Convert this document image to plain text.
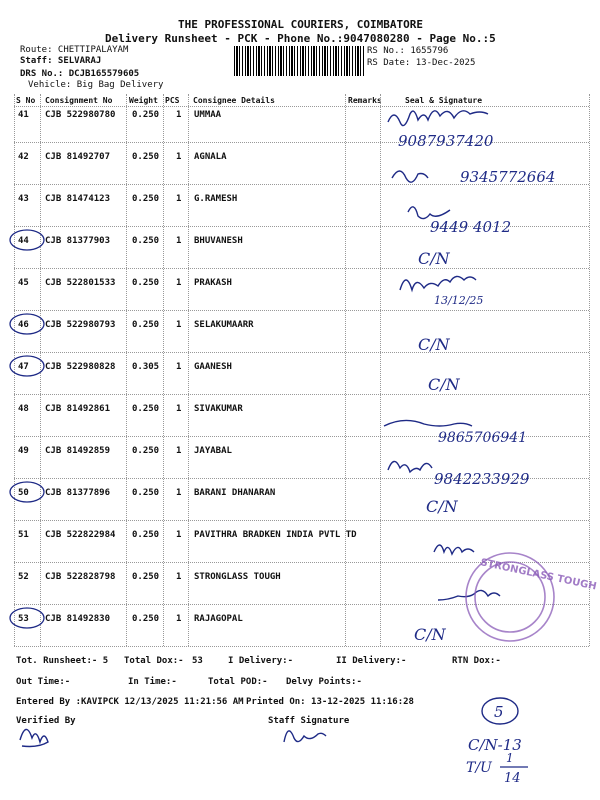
THE PROFESSIONAL COURIERS, COIMBATORE
Delivery Runsheet - PCK - Phone No.:9047080280 - Page No.:5
Route: CHETTIPALAYAM
Staff: SELVARAJ
DRS No.: DCJB165579605
Vehicle: Big Bag Delivery
RS No.: 1655796
RS Date: 13-Dec-2025
S No Consignment No Weight PCS Consignee Details	Remarks	Seal & Signature
41 CJB 522980780 0.250 1 UMMAA
42 CJB 81492707 0.250 1 AGNALA
43 CJB 81474123 0.250 1 G.RAMESH
44 CJB 81377903 0.250 1 BHUVANESH
45 CJB 522801533 0.250 1 PRAKASH
46 CJB 522980793 0.250 1 SELAKUMAARR
47 CJB 522980828 0.305 1 GAANESH
48 CJB 81492861 0.250 1 SIVAKUMAR
49 CJB 81492859 0.250 1 JAYABAL
50 CJB 81377896 0.250 1 BARANI DHANARAN
51 CJB 522822984 0.250 1 PAVITHRA BRADKEN INDIA PVTL TD
52 CJB 522828798 0.250 1 STRONGLASS TOUGH
53 CJB 81492830 0.250 1 RAJAGOPAL
9087937420
9345772664
9449 4012
C/N
13/12/25
C/N
C/N
9865706941
9842233929
C/N
C/N
STRONGLASS TOUGH
5
C/N-13
T/U
1
14
Tot. Runsheet:- 5 Total Dox:- 53	I Delivery:-	II Delivery:-	RTN Dox:-
Out Time:-	In Time:-	Total POD:- Delvy Points:-
Entered By :KAVIPCK 12/13/2025 11:21:56 AM Printed On: 13-12-2025 11:16:28
Verified By	Staff Signature
